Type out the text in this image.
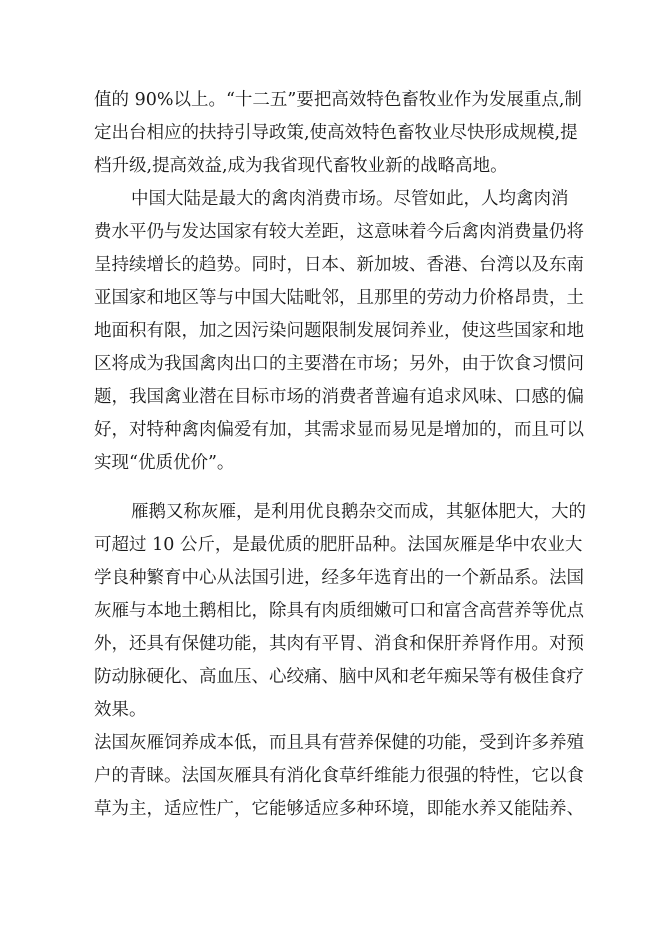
值的 90%以上。“十二五”要把高效特色畜牧业作为发展重点,制
定出台相应的扶持引导政策,使高效特色畜牧业尽快形成规模,提
档升级,提高效益,成为我省现代畜牧业新的战略高地。
中国大陆是最大的禽肉消费市场。尽管如此，人均禽肉消
费水平仍与发达国家有较大差距，这意味着今后禽肉消费量仍将
呈持续增长的趋势。同时，日本、新加坡、香港、台湾以及东南
亚国家和地区等与中国大陆毗邻，且那里的劳动力价格昂贵，土
地面积有限，加之因污染问题限制发展饲养业，使这些国家和地
区将成为我国禽肉出口的主要潜在市场；另外，由于饮食习惯问
题，我国禽业潜在目标市场的消费者普遍有追求风味、口感的偏
好，对特种禽肉偏爱有加，其需求显而易见是增加的，而且可以
实现“优质优价”。
雁鹅又称灰雁，是利用优良鹅杂交而成，其躯体肥大，大的
可超过 10 公斤，是最优质的肥肝品种。法国灰雁是华中农业大
学良种繁育中心从法国引进，经多年选育出的一个新品系。法国
灰雁与本地土鹅相比，除具有肉质细嫩可口和富含高营养等优点
外，还具有保健功能，其肉有平胃、消食和保肝养肾作用。对预
防动脉硬化、高血压、心绞痛、脑中风和老年痴呆等有极佳食疗
效果。
法国灰雁饲养成本低，而且具有营养保健的功能，受到许多养殖
户的青睐。法国灰雁具有消化食草纤维能力很强的特性，它以食
草为主，适应性广，它能够适应多种环境，即能水养又能陆养、
